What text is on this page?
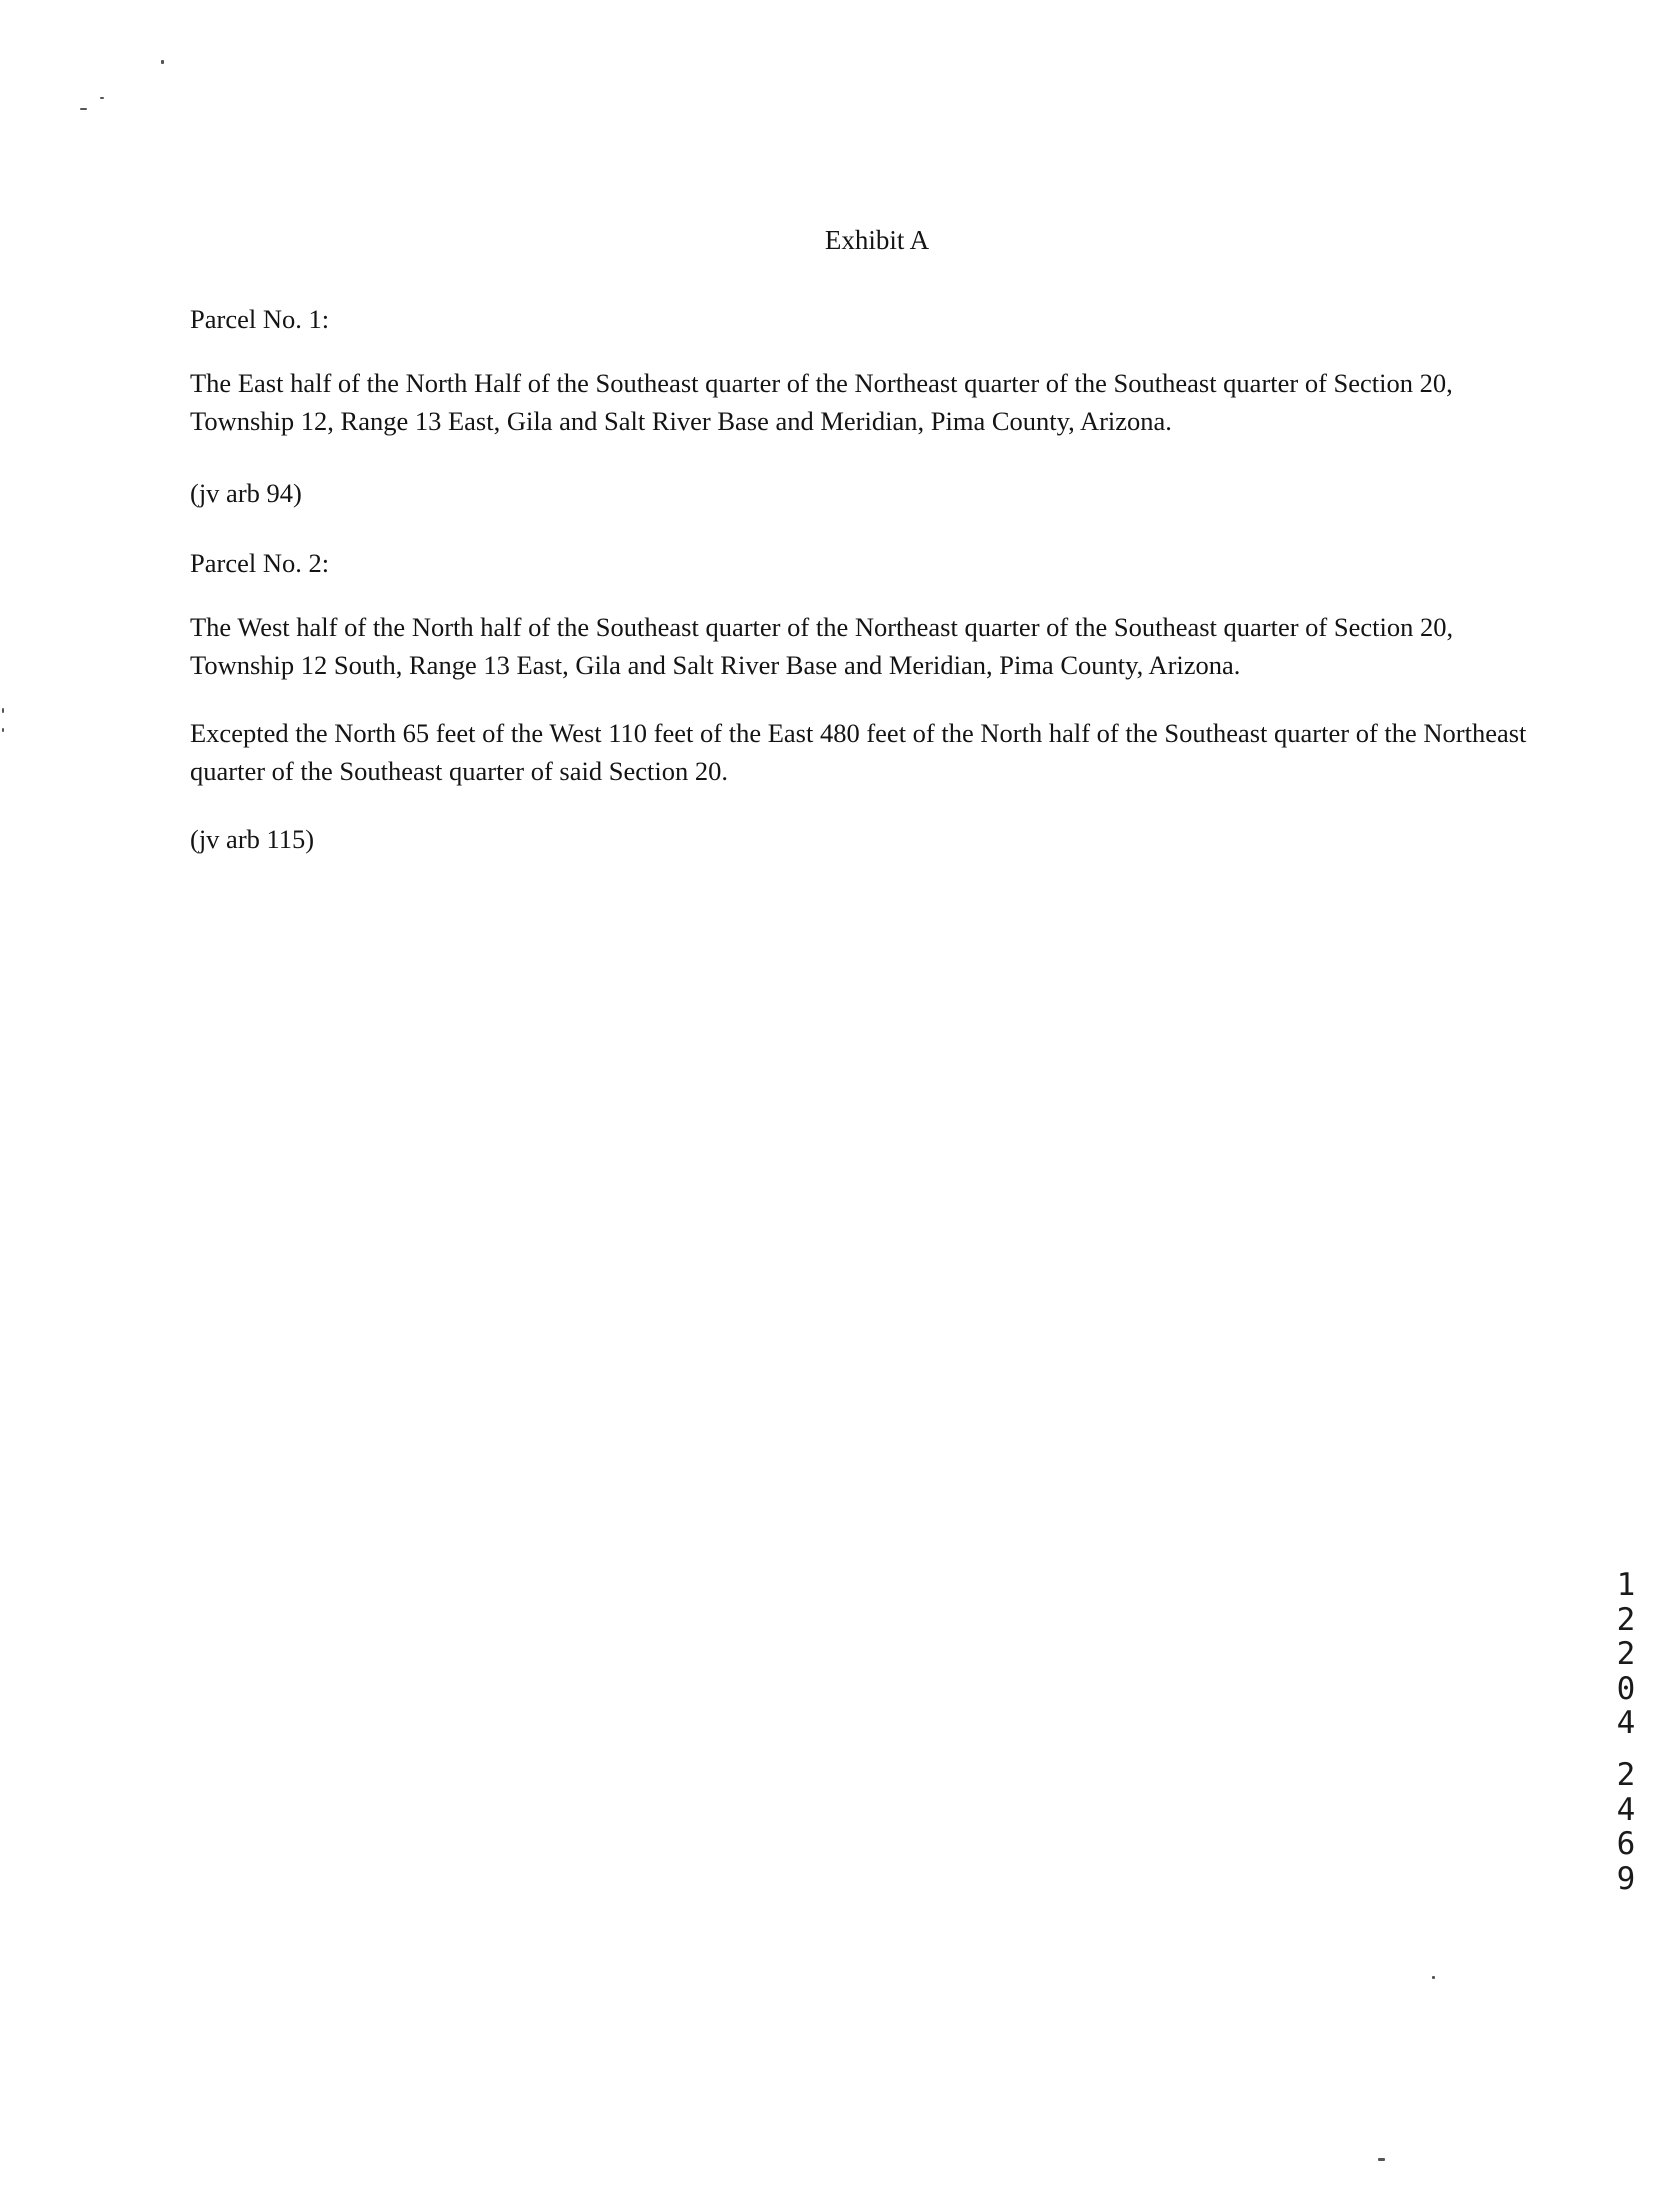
Exhibit A

Parcel No. 1:

The East half of the North Half of the Southeast quarter of the Northeast quarter of the Southeast quarter of Section 20, Township 12, Range 13 East, Gila and Salt River Base and Meridian, Pima County, Arizona.

(jv arb 94)

Parcel No. 2:

The West half of the North half of the Southeast quarter of the Northeast quarter of the Southeast quarter of Section 20, Township 12 South, Range 13 East, Gila and Salt River Base and Meridian, Pima County, Arizona.

Excepted the North 65 feet of the West 110 feet of the East 480 feet of the North half of the Southeast quarter of the Northeast quarter of the Southeast quarter of said Section 20.

(jv arb 115)

1
2
2
0
4
2
4
6
9
